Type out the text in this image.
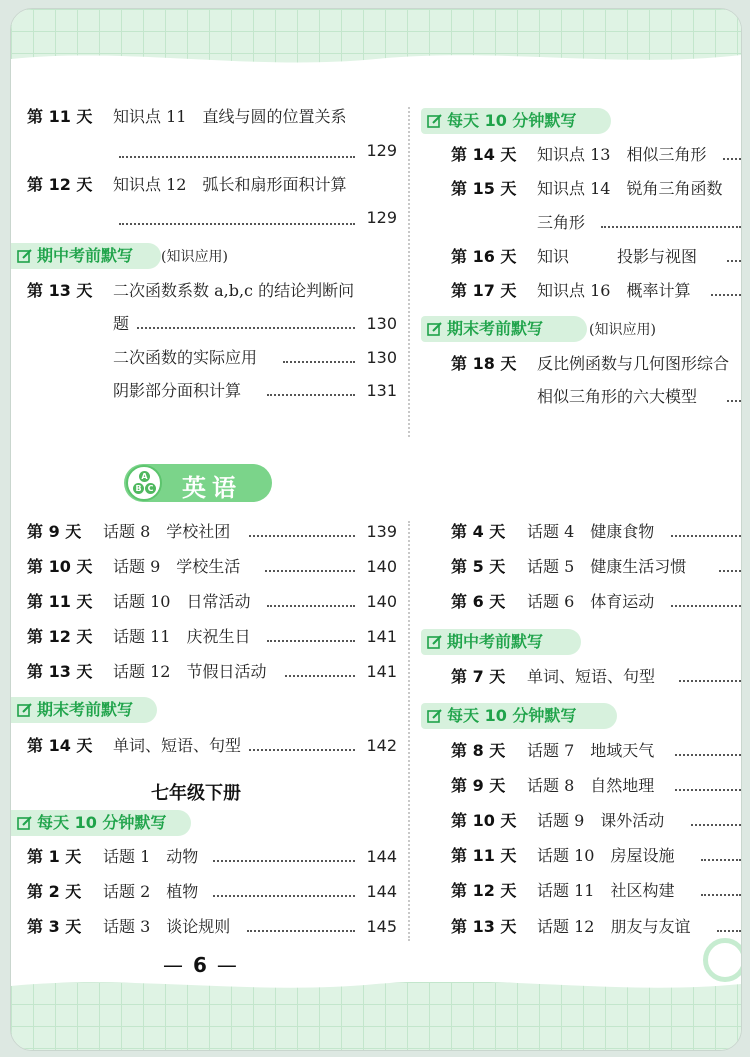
第 11 天 知识点 11　直线与圆的位置关系
129
第 12 天 知识点 12　弧长和扇形面积计算
129
期中考前默写	(知识应用)
第 13 天 二次函数系数 a,b,c 的结论判断问
题	130
二次函数的实际应用	130
阴影部分面积计算	131
每天 10 分钟默写
第 14 天 知识点 13　相似三角形
第 15 天 知识点 14　锐角三角函数
三角形
第 16 天 知识　　　投影与视图
第 17 天 知识点 16　概率计算
期末考前默写	(知识应用)
第 18 天 反比例函数与几何图形综合
相似三角形的六大模型
A
B C 英语
第 9 天 话题 8　学校社团	139
第 10 天 话题 9　学校生活	140
第 11 天 话题 10　日常活动	140
第 12 天 话题 11　庆祝生日	141
第 13 天 话题 12　节假日活动	141
期末考前默写
第 14 天 单词、短语、句型	142
七年级下册
每天 10 分钟默写
第 1 天 话题 1　动物	144
第 2 天 话题 2　植物	144
第 3 天 话题 3　谈论规则	145
第 4 天 话题 4　健康食物
第 5 天 话题 5　健康生活习惯
第 6 天 话题 6　体育运动
期中考前默写
第 7 天 单词、短语、句型
每天 10 分钟默写
第 8 天 话题 7　地域天气
第 9 天 话题 8　自然地理
第 10 天 话题 9　课外活动
第 11 天 话题 10　房屋设施
第 12 天 话题 11　社区构建
第 13 天 话题 12　朋友与友谊
— 6 —
